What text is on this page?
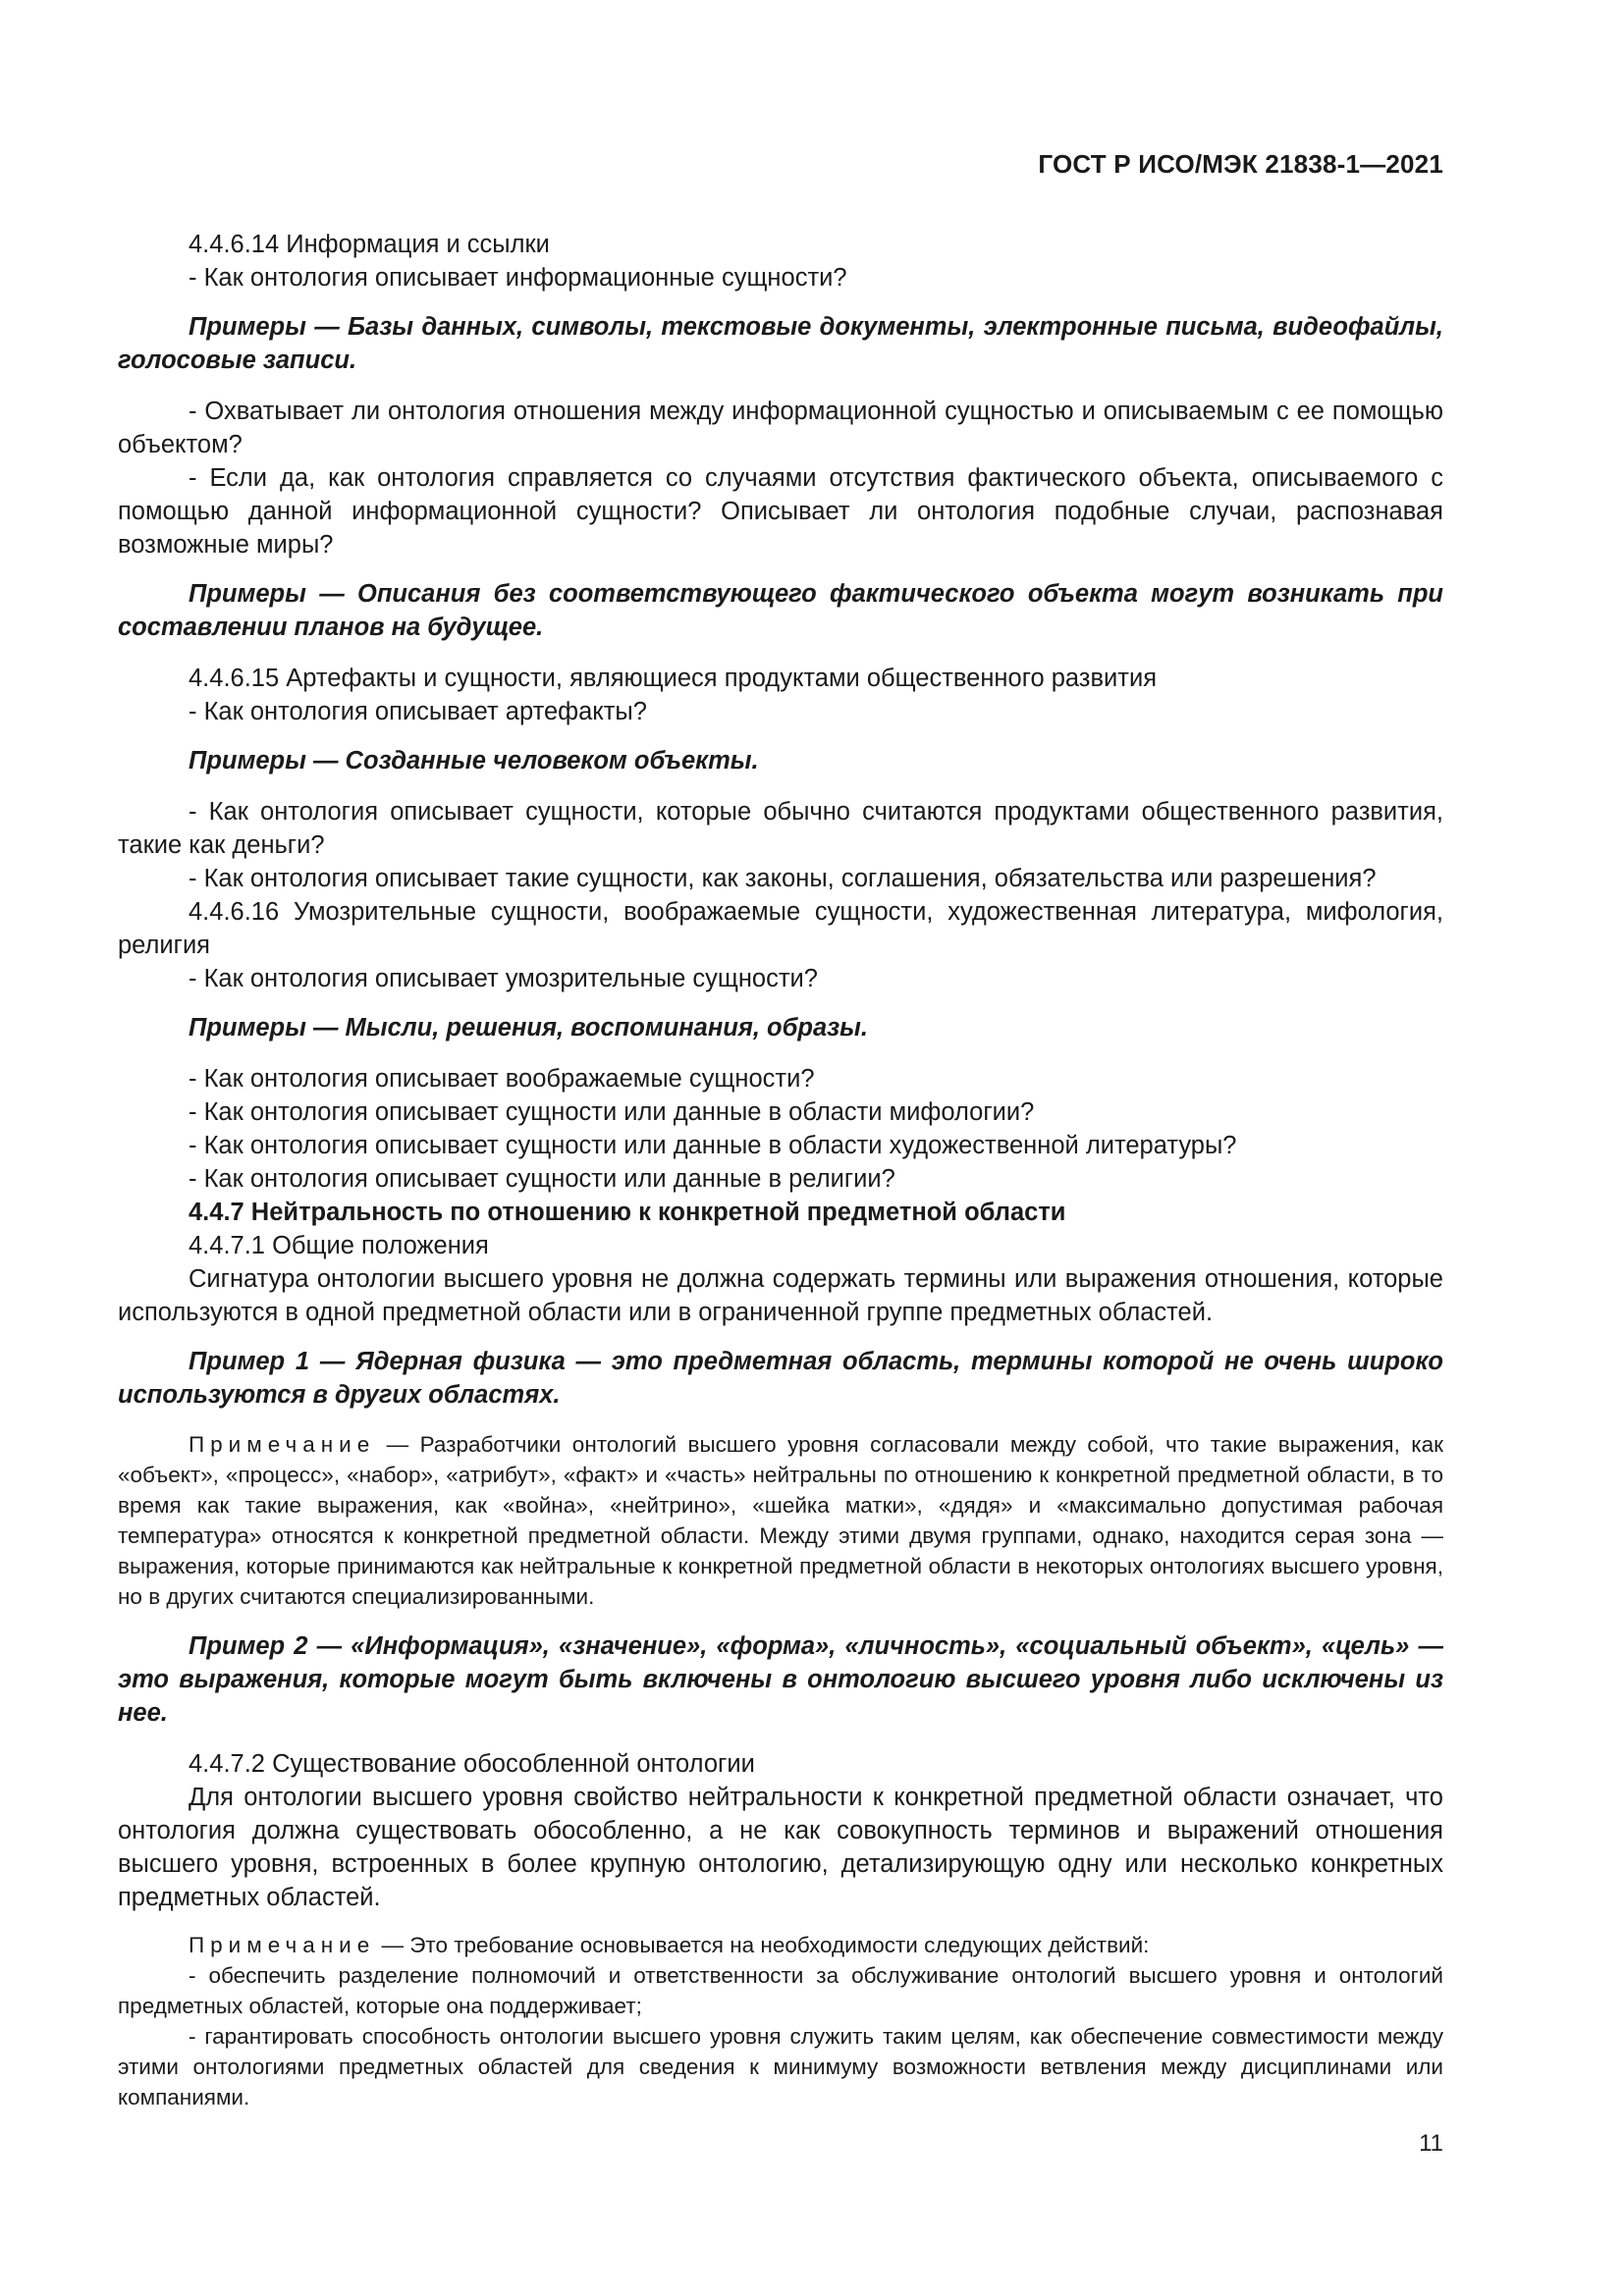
ГОСТ Р ИСО/МЭК 21838-1—2021

4.4.6.14 Информация и ссылки

- Как онтология описывает информационные сущности?

Примеры — Базы данных, символы, текстовые документы, электронные письма, видеофайлы, голосовые записи.

- Охватывает ли онтология отношения между информационной сущностью и описываемым с ее помощью объектом?

- Если да, как онтология справляется со случаями отсутствия фактического объекта, описываемого с помощью данной информационной сущности? Описывает ли онтология подобные случаи, распознавая возможные миры?

Примеры — Описания без соответствующего фактического объекта могут возникать при составлении планов на будущее.

4.4.6.15 Артефакты и сущности, являющиеся продуктами общественного развития

- Как онтология описывает артефакты?

Примеры — Созданные человеком объекты.

- Как онтология описывает сущности, которые обычно считаются продуктами общественного развития, такие как деньги?

- Как онтология описывает такие сущности, как законы, соглашения, обязательства или разрешения?

4.4.6.16 Умозрительные сущности, воображаемые сущности, художественная литература, мифология, религия

- Как онтология описывает умозрительные сущности?

Примеры — Мысли, решения, воспоминания, образы.

- Как онтология описывает воображаемые сущности?

- Как онтология описывает сущности или данные в области мифологии?

- Как онтология описывает сущности или данные в области художественной литературы?

- Как онтология описывает сущности или данные в религии?

4.4.7 Нейтральность по отношению к конкретной предметной области

4.4.7.1 Общие положения

Сигнатура онтологии высшего уровня не должна содержать термины или выражения отношения, которые используются в одной предметной области или в ограниченной группе предметных областей.

Пример 1 — Ядерная физика — это предметная область, термины которой не очень широко используются в других областях.

Примечание — Разработчики онтологий высшего уровня согласовали между собой, что такие выражения, как «объект», «процесс», «набор», «атрибут», «факт» и «часть» нейтральны по отношению к конкретной предметной области, в то время как такие выражения, как «война», «нейтрино», «шейка матки», «дядя» и «максимально допустимая рабочая температура» относятся к конкретной предметной области. Между этими двумя группами, однако, находится серая зона — выражения, которые принимаются как нейтральные к конкретной предметной области в некоторых онтологиях высшего уровня, но в других считаются специализированными.

Пример 2 — «Информация», «значение», «форма», «личность», «социальный объект», «цель» — это выражения, которые могут быть включены в онтологию высшего уровня либо исключены из нее.

4.4.7.2 Существование обособленной онтологии

Для онтологии высшего уровня свойство нейтральности к конкретной предметной области означает, что онтология должна существовать обособленно, а не как совокупность терминов и выражений отношения высшего уровня, встроенных в более крупную онтологию, детализирующую одну или несколько конкретных предметных областей.

Примечание — Это требование основывается на необходимости следующих действий:

- обеспечить разделение полномочий и ответственности за обслуживание онтологий высшего уровня и онтологий предметных областей, которые она поддерживает;

- гарантировать способность онтологии высшего уровня служить таким целям, как обеспечение совместимости между этими онтологиями предметных областей для сведения к минимуму возможности ветвления между дисциплинами или компаниями.

11
